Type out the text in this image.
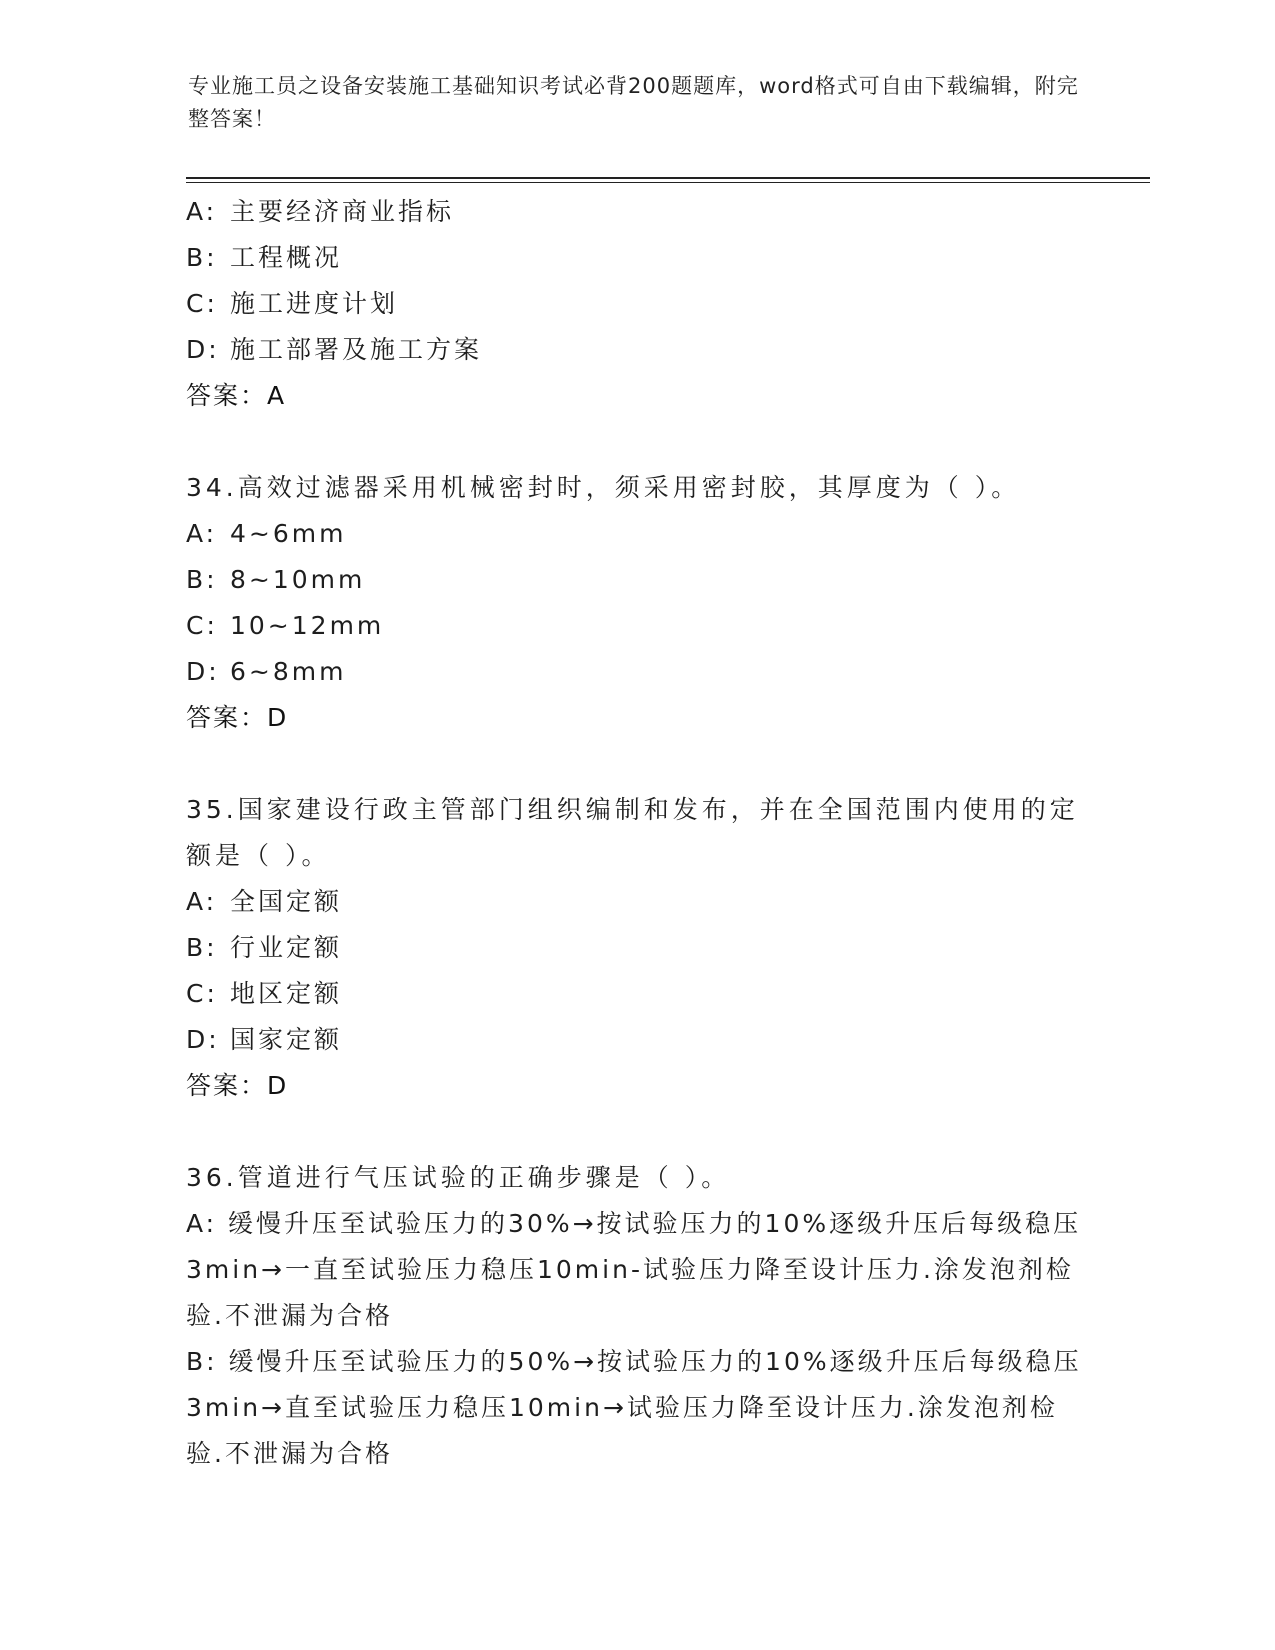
专业施工员之设备安装施工基础知识考试必背200题题库，word格式可自由下载编辑，附完整答案！
A: 主要经济商业指标
B: 工程概况
C: 施工进度计划
D: 施工部署及施工方案
答案：A
34.高效过滤器采用机械密封时，须采用密封胶，其厚度为（ ）。
A: 4~6mm
B: 8~10mm
C: 10~12mm
D: 6~8mm
答案：D
35.国家建设行政主管部门组织编制和发布，并在全国范围内使用的定额是（ ）。
A: 全国定额
B: 行业定额
C: 地区定额
D: 国家定额
答案：D
36.管道进行气压试验的正确步骤是（ ）。
A: 缓慢升压至试验压力的30%→按试验压力的10%逐级升压后每级稳压3min→一直至试验压力稳压10min-试验压力降至设计压力.涂发泡剂检验.不泄漏为合格
B: 缓慢升压至试验压力的50%→按试验压力的10%逐级升压后每级稳压3min→直至试验压力稳压10min→试验压力降至设计压力.涂发泡剂检验.不泄漏为合格
